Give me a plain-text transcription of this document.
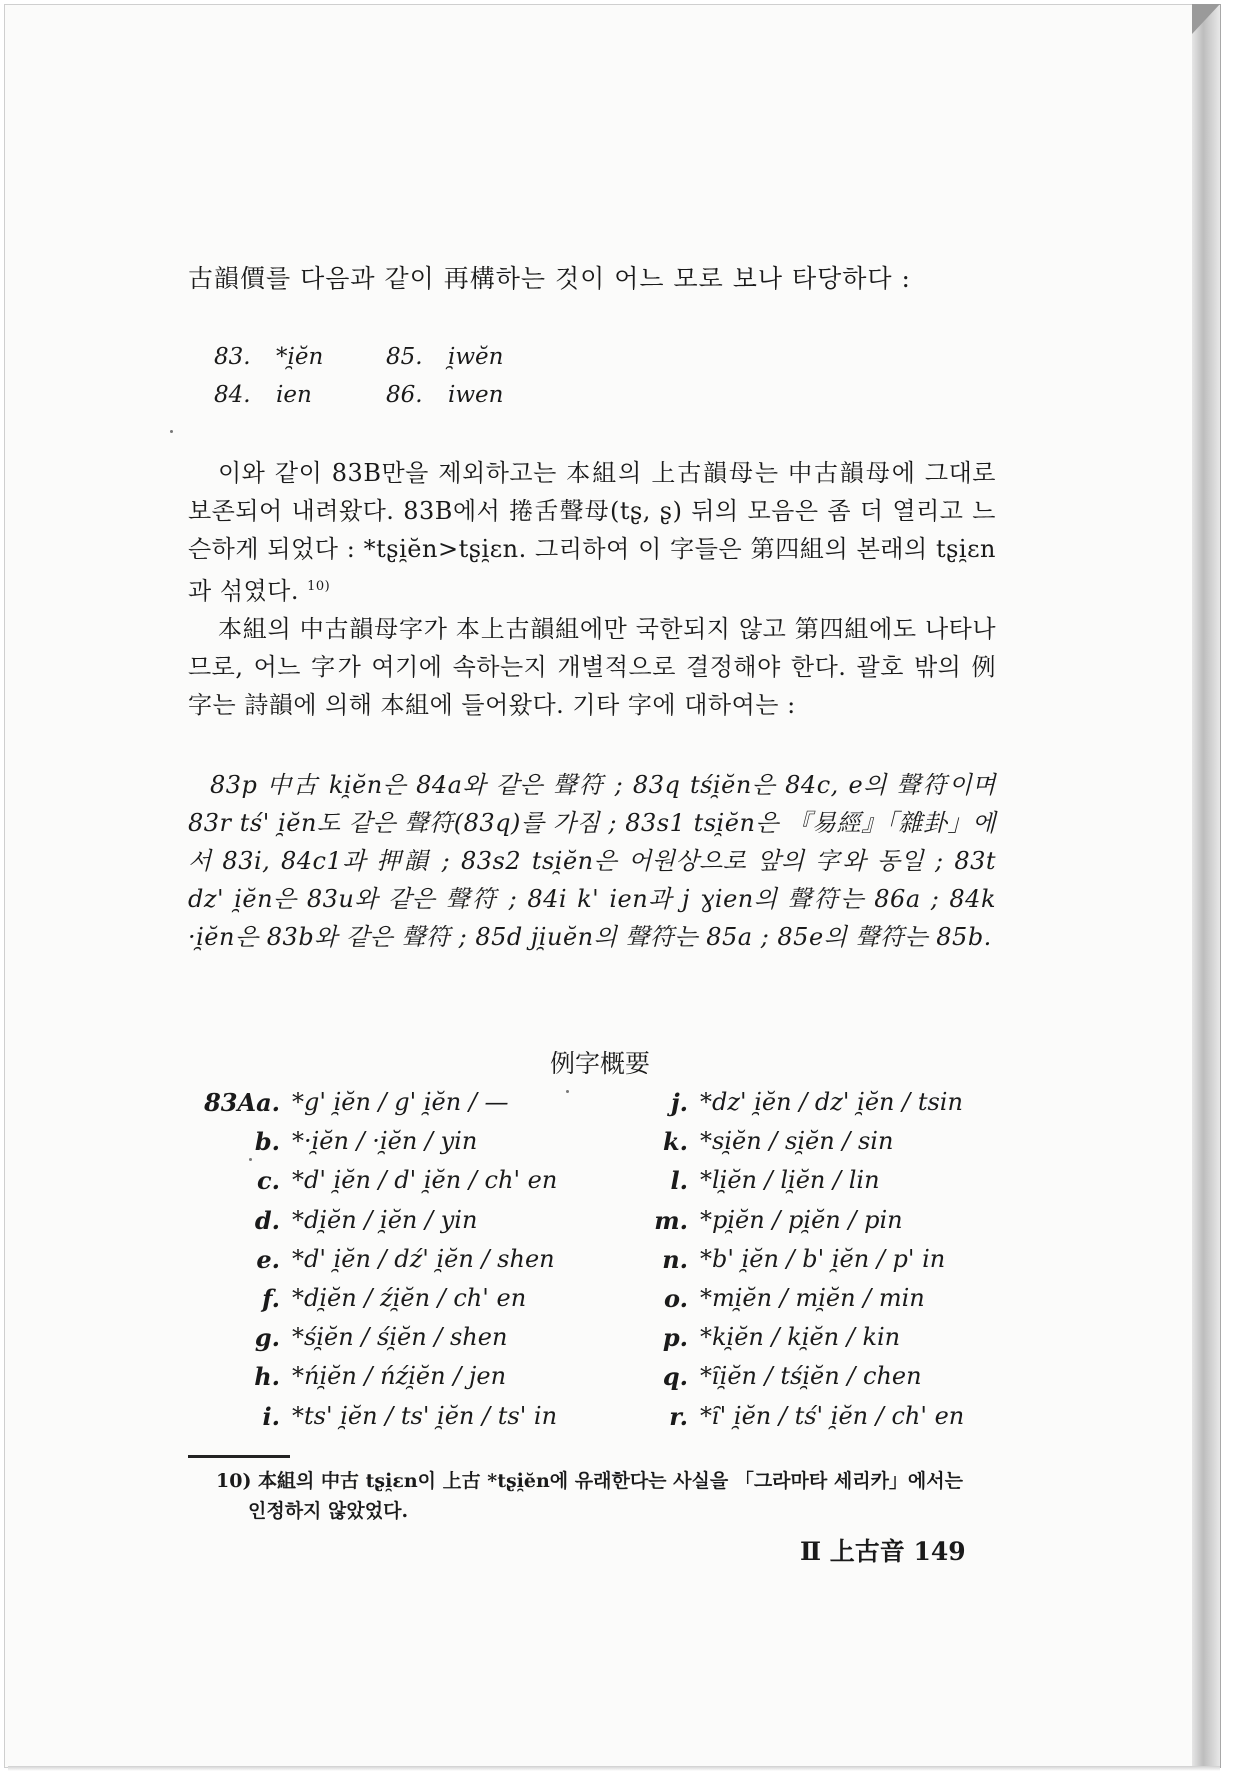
古韻價를 다음과 같이 再構하는 것이 어느 모로 보나 타당하다 :
83.	*i̯ĕn	85.	i̯wĕn
84.	ien	86.	iwen
이와 같이 83B만을 제외하고는 本組의 上古韻母는 中古韻母에 그대로 보존되어 내려왔다. 83B에서 捲舌聲母(tʂ, ʂ) 뒤의 모음은 좀 더 열리고 느슨하게 되었다 : *tʂi̯ĕn>tʂi̯ɛn. 그리하여 이 字들은 第四組의 본래의 tʂi̯ɛn과 섞였다. $^{10)}$
本組의 中古韻母字가 本上古韻組에만 국한되지 않고 第四組에도 나타나므로, 어느 字가 여기에 속하는지 개별적으로 결정해야 한다. 괄호 밖의 例字는 詩韻에 의해 本組에 들어왔다. 기타 字에 대하여는 :
83p 中古 ki̯ĕn은 84a와 같은 聲符 ; 83q tśi̯ĕn은 84c, e의 聲符이며 83r tś' i̯ĕn도 같은 聲符(83q)를 가짐 ; 83s1 tsi̯ĕn은 『易經』「雜卦」에서 83i, 84c1과 押韻 ; 83s2 tsi̯ĕn은 어원상으로 앞의 字와 동일 ; 83t dz' i̯ĕn은 83u와 같은 聲符 ; 84i k' ien과 j ɣien의 聲符는 86a ; 84k ·i̯ĕn은 83b와 같은 聲符 ; 85d ji̯uĕn의 聲符는 85a ; 85e의 聲符는 85b.
例字概要
83Aa. *g' i̯ĕn / g' i̯ĕn / —
b. *·i̯ĕn / ·i̯ĕn / yin
c. *d' i̯ĕn / d' i̯ĕn / ch' en
d. *di̯ĕn / i̯ĕn / yin
e. *d' i̯ĕn / dź' i̯ĕn / shen
f. *di̯ĕn / źi̯ĕn / ch' en
g. *śi̯ĕn / śi̯ĕn / shen
h. *ńi̯ĕn / ńźi̯ĕn / jen
i. *ts' i̯ĕn / ts' i̯ĕn / ts' in
j. *dz' i̯ĕn / dz' i̯ĕn / tsin
k. *si̯ĕn / si̯ĕn / sin
l. *li̯ĕn / li̯ĕn / lin
m. *pi̯ĕn / pi̯ĕn / pin
n. *b' i̯ĕn / b' i̯ĕn / p' in
o. *mi̯ĕn / mi̯ĕn / min
p. *ki̯ĕn / ki̯ĕn / kin
q. *ȋi̯ĕn / tśi̯ĕn / chen
r. *ȋ' i̯ĕn / tś' i̯ĕn / ch' en
10) 本組의 中古 tʂi̯ɛn이 上古 *tʂi̯ĕn에 유래한다는 사실을 「그라마타 세리카」에서는
인정하지 않았었다.
Ⅱ 上古音 149
